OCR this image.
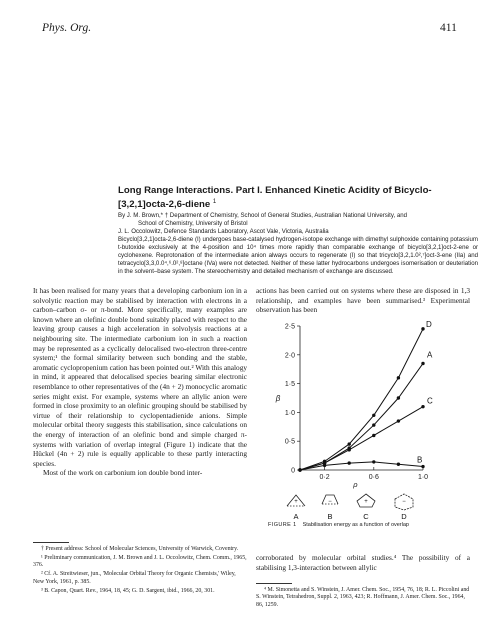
Phys. Org.	411
Long Range Interactions. Part I. Enhanced Kinetic Acidity of Bicyclo-[3,2,1]octa-2,6-diene $^1$
By J. M. Brown,* † Department of Chemistry, School of General Studies, Australian National University, and
School of Chemistry, University of Bristol
J. L. Occolowitz, Defence Standards Laboratory, Ascot Vale, Victoria, Australia
Bicyclo[3,2,1]octa-2,6-diene (I) undergoes base-catalysed hydrogen-isotope exchange with dimethyl sulphoxide containing potassium t-butoxide exclusively at the 4-position and 10⁴ times more rapidly than comparable exchange of bicyclo[3,2,1]oct-2-ene or cyclohexene. Reprotonation of the intermediate anion always occurs to regenerate (I) so that tricyclo[3,2,1.0²,⁷]oct-3-ene (IIa) and tetracyclo[3,3,0.0⁴,⁶.0²,⁸]octane (IVa) were not detected. Neither of these latter hydrocarbons undergoes isomerisation or deuteriation in the solvent–base system. The stereochemistry and detailed mechanism of exchange are discussed.
It has been realised for many years that a developing carbonium ion in a solvolytic reaction may be stabilised by interaction with electrons in a carbon–carbon σ- or π-bond. More specifically, many examples are known where an olefinic double bond suitably placed with respect to the leaving group causes a high acceleration in solvolysis reactions at a neighbouring site. The intermediate carbonium ion in such a reaction may be represented as a cyclically delocalised two-electron three-centre system;¹ the formal similarity between such bonding and the stable, aromatic cyclopropenium cation has been pointed out.² With this analogy in mind, it appeared that delocalised species bearing similar electronic resemblance to other representatives of the (4n + 2) monocyclic aromatic series might exist. For example, systems where an allylic anion were formed in close proximity to an olefinic grouping should be stabilised by virtue of their relationship to cyclopentadienide anions. Simple molecular orbital theory suggests this stabilisation, since calculations on the energy of interaction of an olefinic bond and simple charged π-systems with variation of overlap integral (Figure 1) indicate that the Hückel (4n + 2) rule is equally applicable to these partly interacting species.
Most of the work on carbonium ion double bond inter-
† Present address: School of Molecular Sciences, University of Warwick, Coventry.
¹ Preliminary communication, J. M. Brown and J. L. Occolowitz, Chem. Comm., 1965, 376.
² Cf. A. Streitwieser, jun., 'Molecular Orbital Theory for Organic Chemists,' Wiley, New York, 1961, p. 385.
³ B. Capon, Quart. Rev., 1964, 18, 45; G. D. Sargent, ibid., 1966, 20, 301.
actions has been carried out on systems where these are disposed in 1,3 relationship, and examples have been summarised.³ Experimental observation has been
0
0·5
1·0
1·5
2·0
2·5
0·2	0·6	1·0
ρ
β
D
A
C
B
+	−	+	−
A	B	C	D
FIGURE 1 Stabilisation energy as a function of overlap
corroborated by molecular orbital studies.⁴ The possibility of a stabilising 1,3-interaction between allylic
⁴ M. Simonetta and S. Winstein, J. Amer. Chem. Soc., 1954, 76, 18; R. L. Piccolini and S. Winstein, Tetrahedron, Suppl. 2, 1963, 423; R. Hoffmann, J. Amer. Chem. Soc., 1964, 86, 1259.
